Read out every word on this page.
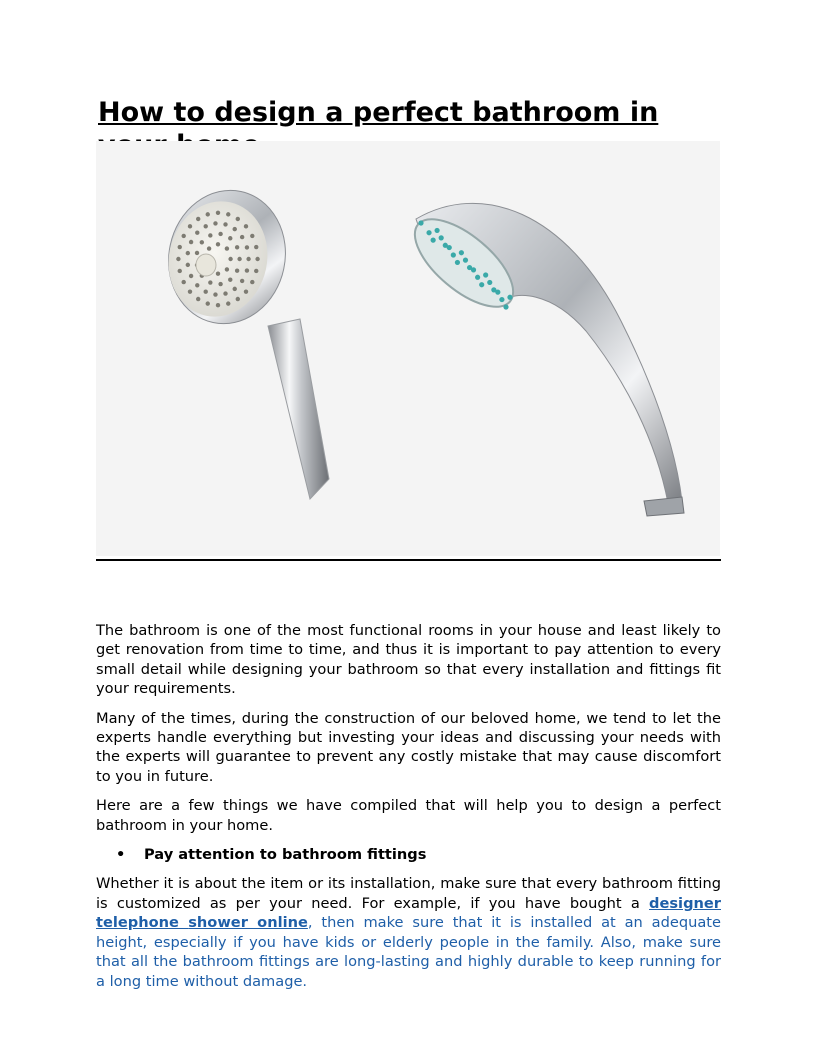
How to design a perfect bathroom in

The bathroom is one of the most functional rooms in your house and least likely to get renovation from time to time, and thus it is important to pay attention to every small detail while designing your bathroom so that every installation and fittings fit your requirements.

Many of the times, during the construction of our beloved home, we tend to let the experts handle everything but investing your ideas and discussing your needs with the experts will guarantee to prevent any costly mistake that may cause discomfort to you in future.

Here are a few things we have compiled that will help you to design a perfect bathroom in your home.

• Pay attention to bathroom fittings

Whether it is about the item or its installation, make sure that every bathroom fitting is customized as per your need. For example, if you have bought a designer telephone shower online, then make sure that it is installed at an adequate height, especially if you have kids or elderly people in the family. Also, make sure that all the bathroom fittings are long-lasting and highly durable to keep running for a long time without damage.
